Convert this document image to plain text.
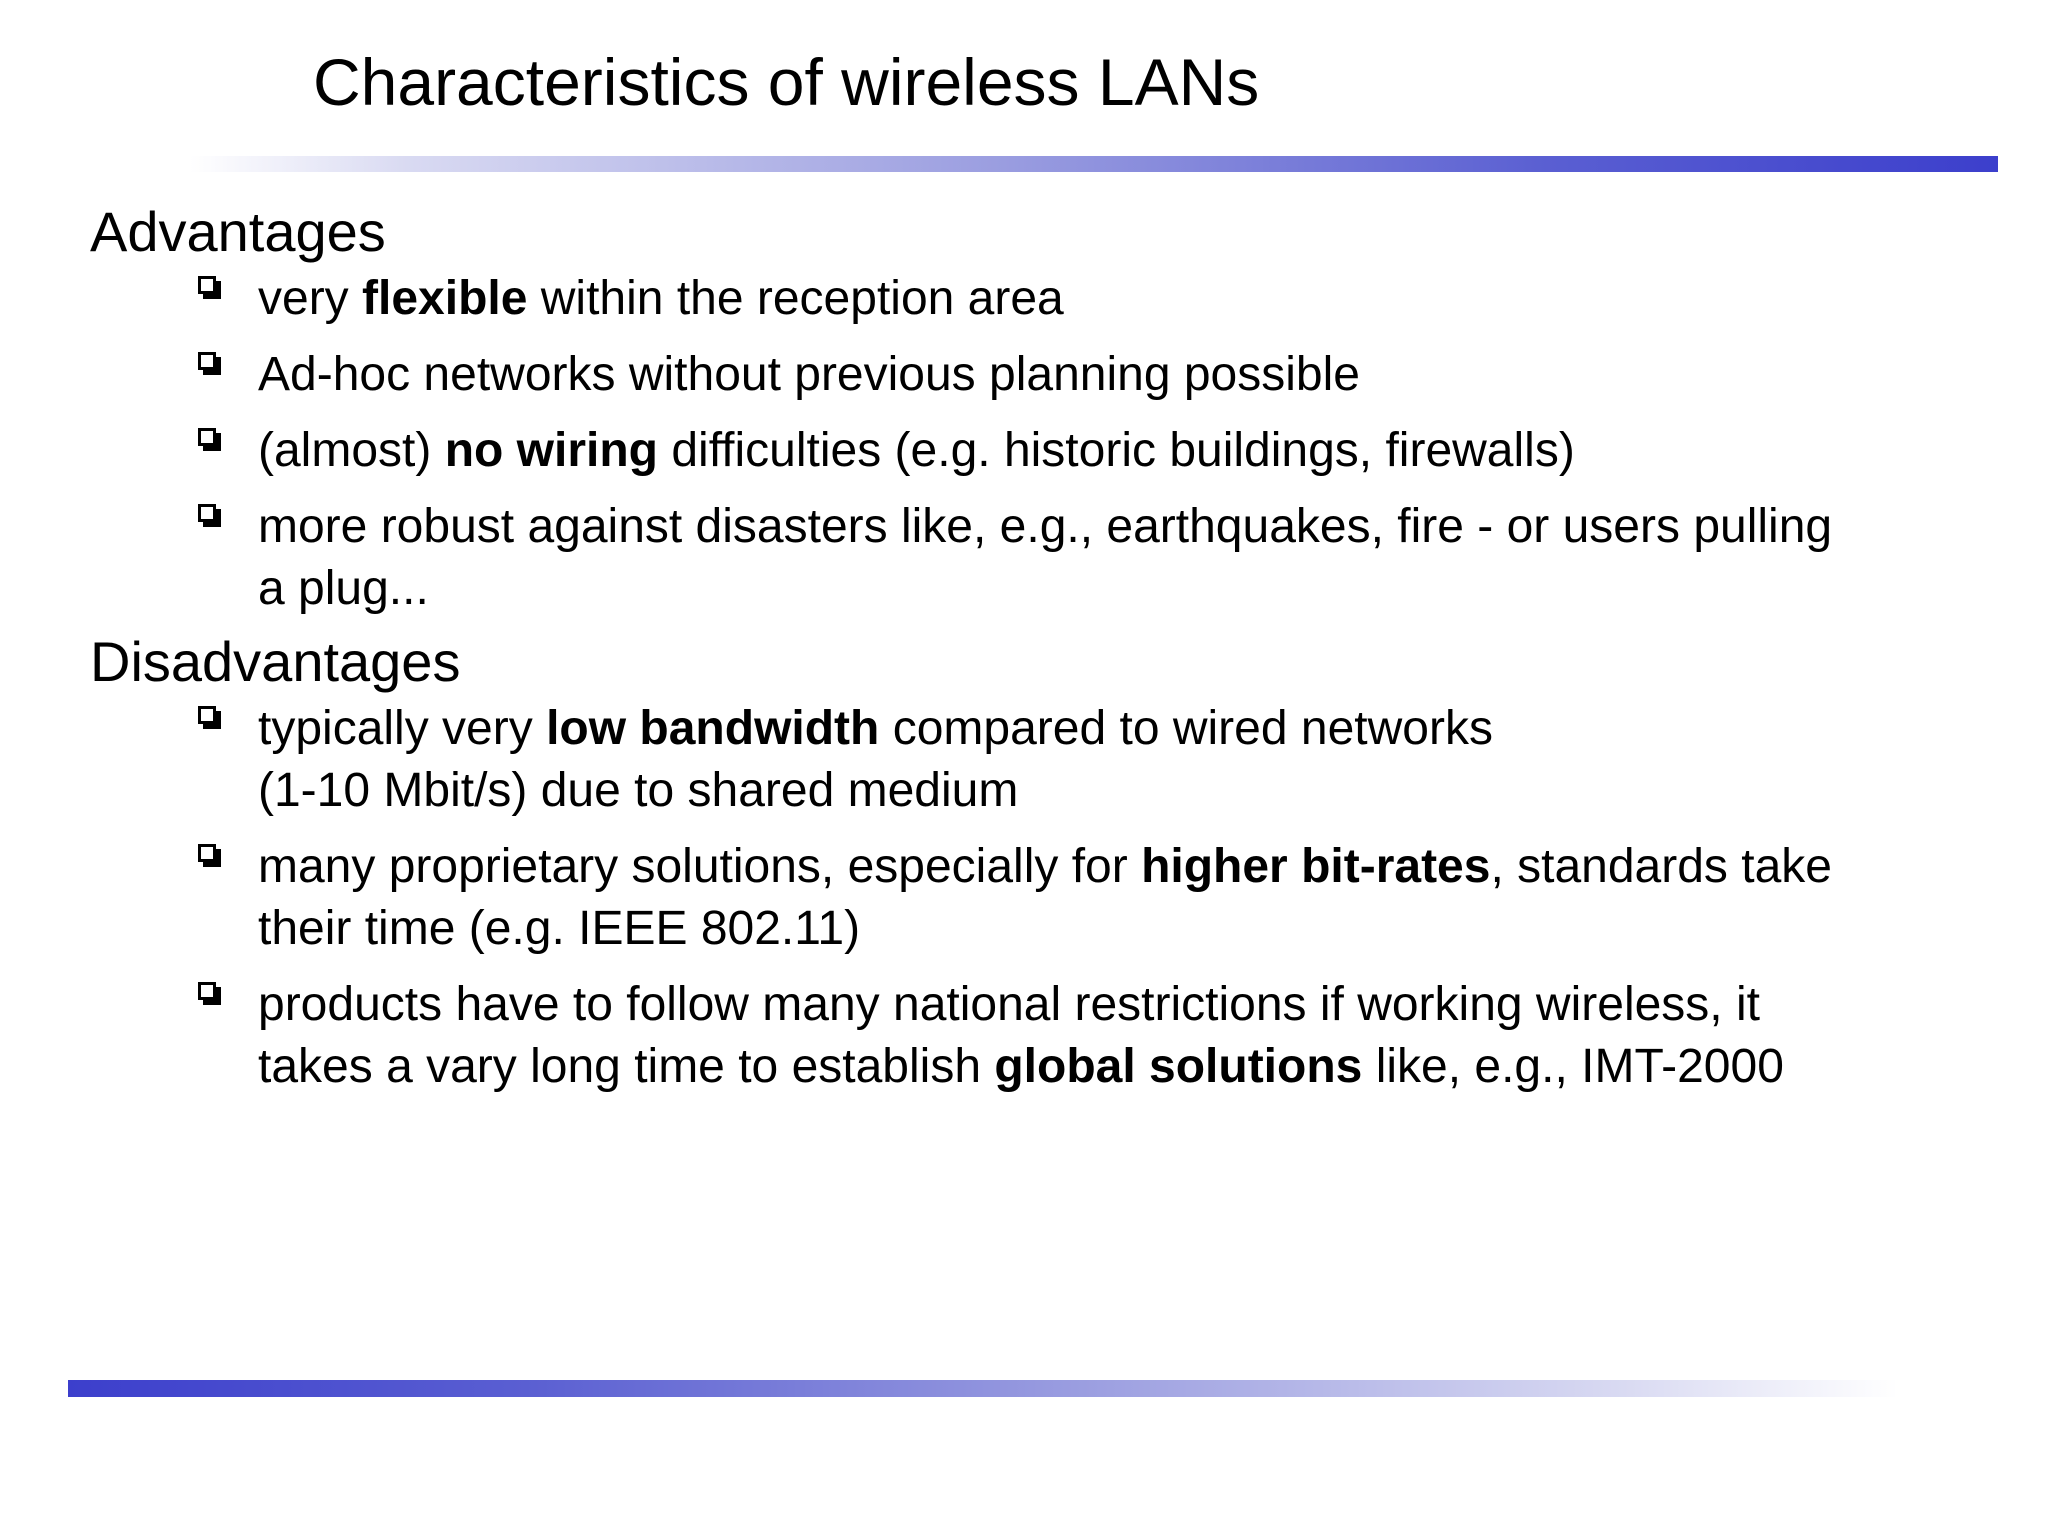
Characteristics of wireless LANs
Advantages
very flexible within the reception area
Ad-hoc networks without previous planning possible
(almost) no wiring difficulties (e.g. historic buildings, firewalls)
more robust against disasters like, e.g., earthquakes, fire - or users pulling
a plug...
Disadvantages
typically very low bandwidth compared to wired networks
(1-10 Mbit/s) due to shared medium
many proprietary solutions, especially for higher bit-rates, standards take
their time (e.g. IEEE 802.11)
products have to follow many national restrictions if working wireless, it
takes a vary long time to establish global solutions like, e.g., IMT-2000
